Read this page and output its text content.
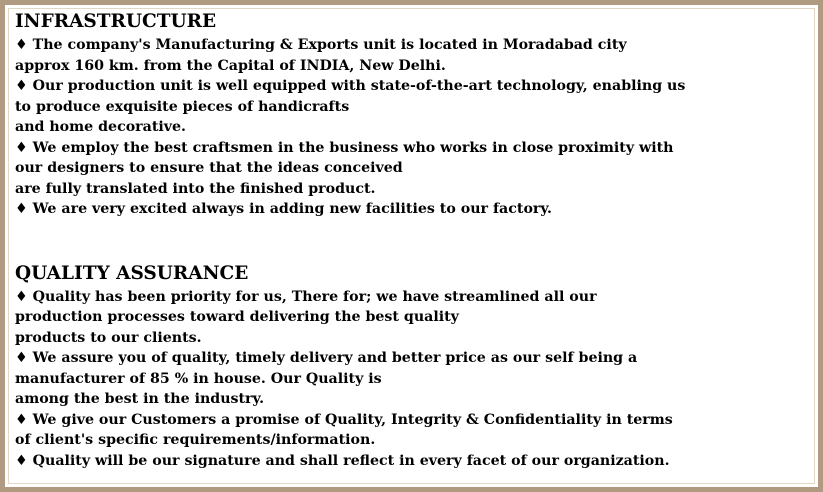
INFRASTRUCTURE
♦ The company's Manufacturing & Exports unit is located in Moradabad city
approx 160 km. from the Capital of INDIA, New Delhi.
♦ Our production unit is well equipped with state-of-the-art technology, enabling us
to produce exquisite pieces of handicrafts
and home decorative.
♦ We employ the best craftsmen in the business who works in close proximity with
our designers to ensure that the ideas conceived
are fully translated into the finished product.
♦ We are very excited always in adding new facilities to our factory.
QUALITY ASSURANCE
♦ Quality has been priority for us, There for; we have streamlined all our
production processes toward delivering the best quality
products to our clients.
♦ We assure you of quality, timely delivery and better price as our self being a
manufacturer of 85 % in house. Our Quality is
among the best in the industry.
♦ We give our Customers a promise of Quality, Integrity & Confidentiality in terms
of client's specific requirements/information.
♦ Quality will be our signature and shall reflect in every facet of our organization.
